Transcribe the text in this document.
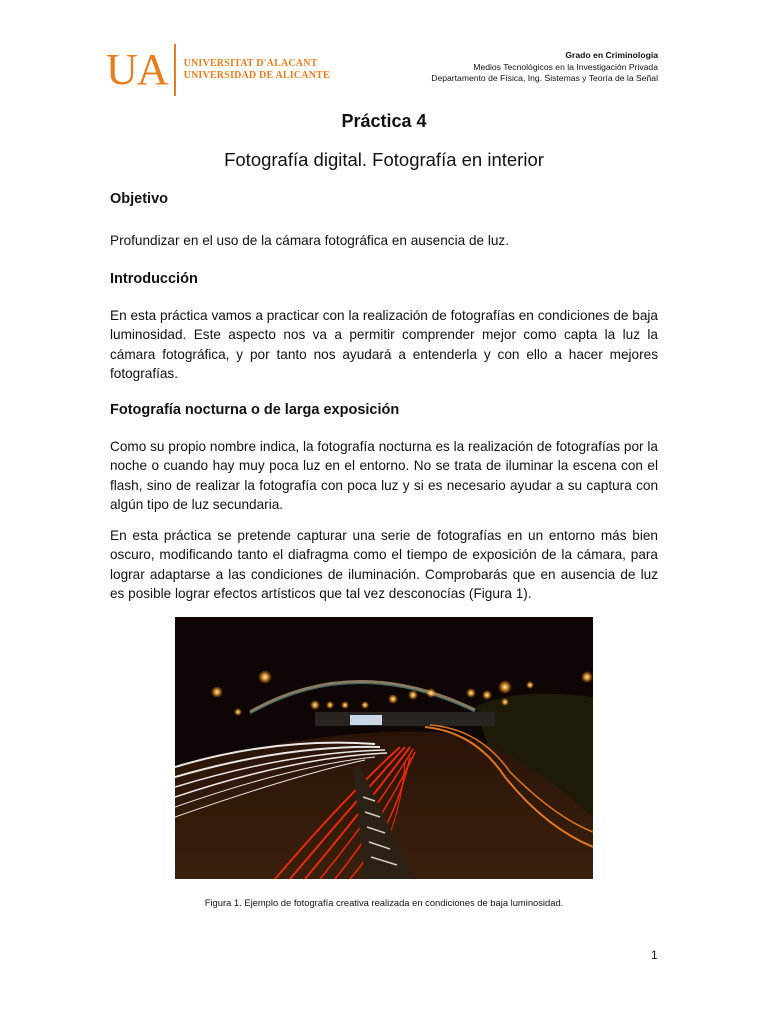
UA UNIVERSITAT D'ALACANT
UNIVERSIDAD DE ALICANTE
Grado en Criminología
Medios Tecnológicos en la Investigación Privada
Departamento de Física, Ing. Sistemas y Teoría de la Señal
Práctica 4
Fotografía digital. Fotografía en interior
Objetivo

Profundizar en el uso de la cámara fotográfica en ausencia de luz.

Introducción

En esta práctica vamos a practicar con la realización de fotografías en condiciones de baja luminosidad. Este aspecto nos va a permitir comprender mejor como capta la luz la cámara fotográfica, y por tanto nos ayudará a entenderla y con ello a hacer mejores fotografías.

Fotografía nocturna o de larga exposición

Como su propio nombre indica, la fotografía nocturna es la realización de fotografías por la noche o cuando hay muy poca luz en el entorno. No se trata de iluminar la escena con el flash, sino de realizar la fotografía con poca luz y si es necesario ayudar a su captura con algún tipo de luz secundaria.

En esta práctica se pretende capturar una serie de fotografías en un entorno más bien oscuro, modificando tanto el diafragma como el tiempo de exposición de la cámara, para lograr adaptarse a las condiciones de iluminación. Comprobarás que en ausencia de luz es posible lograr efectos artísticos que tal vez desconocías (Figura 1).

Figura 1. Ejemplo de fotografía creativa realizada en condiciones de baja luminosidad.
1
